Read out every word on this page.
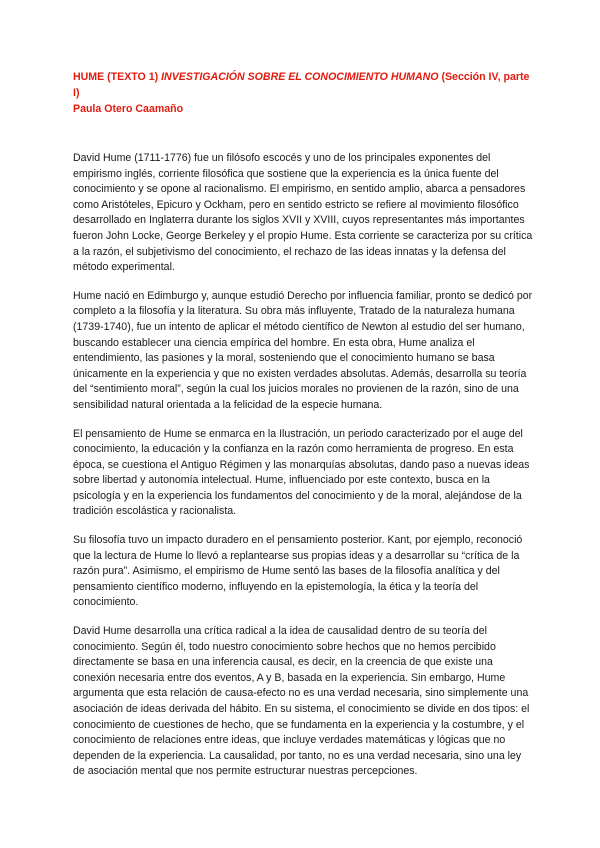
HUME (TEXTO 1) INVESTIGACIÓN SOBRE EL CONOCIMIENTO HUMANO (Sección IV, parte I)

Paula Otero Caamaño

David Hume (1711-1776) fue un filósofo escocés y uno de los principales exponentes del empirismo inglés, corriente filosófica que sostiene que la experiencia es la única fuente del conocimiento y se opone al racionalismo. El empirismo, en sentido amplio, abarca a pensadores como Aristóteles, Epicuro y Ockham, pero en sentido estricto se refiere al movimiento filosófico desarrollado en Inglaterra durante los siglos XVII y XVIII, cuyos representantes más importantes fueron John Locke, George Berkeley y el propio Hume. Esta corriente se caracteriza por su crítica a la razón, el subjetivismo del conocimiento, el rechazo de las ideas innatas y la defensa del método experimental.

Hume nació en Edimburgo y, aunque estudió Derecho por influencia familiar, pronto se dedicó por completo a la filosofía y la literatura. Su obra más influyente, Tratado de la naturaleza humana (1739-1740), fue un intento de aplicar el método científico de Newton al estudio del ser humano, buscando establecer una ciencia empírica del hombre. En esta obra, Hume analiza el entendimiento, las pasiones y la moral, sosteniendo que el conocimiento humano se basa únicamente en la experiencia y que no existen verdades absolutas. Además, desarrolla su teoría del “sentimiento moral”, según la cual los juicios morales no provienen de la razón, sino de una sensibilidad natural orientada a la felicidad de la especie humana.

El pensamiento de Hume se enmarca en la Ilustración, un periodo caracterizado por el auge del conocimiento, la educación y la confianza en la razón como herramienta de progreso. En esta época, se cuestiona el Antiguo Régimen y las monarquías absolutas, dando paso a nuevas ideas sobre libertad y autonomía intelectual. Hume, influenciado por este contexto, busca en la psicología y en la experiencia los fundamentos del conocimiento y de la moral, alejándose de la tradición escolástica y racionalista.

Su filosofía tuvo un impacto duradero en el pensamiento posterior. Kant, por ejemplo, reconoció que la lectura de Hume lo llevó a replantearse sus propias ideas y a desarrollar su “crítica de la razón pura”. Asimismo, el empirismo de Hume sentó las bases de la filosofía analítica y del pensamiento científico moderno, influyendo en la epistemología, la ética y la teoría del conocimiento.

David Hume desarrolla una crítica radical a la idea de causalidad dentro de su teoría del conocimiento. Según él, todo nuestro conocimiento sobre hechos que no hemos percibido directamente se basa en una inferencia causal, es decir, en la creencia de que existe una conexión necesaria entre dos eventos, A y B, basada en la experiencia. Sin embargo, Hume argumenta que esta relación de causa-efecto no es una verdad necesaria, sino simplemente una asociación de ideas derivada del hábito. En su sistema, el conocimiento se divide en dos tipos: el conocimiento de cuestiones de hecho, que se fundamenta en la experiencia y la costumbre, y el conocimiento de relaciones entre ideas, que incluye verdades matemáticas y lógicas que no dependen de la experiencia. La causalidad, por tanto, no es una verdad necesaria, sino una ley de asociación mental que nos permite estructurar nuestras percepciones.
